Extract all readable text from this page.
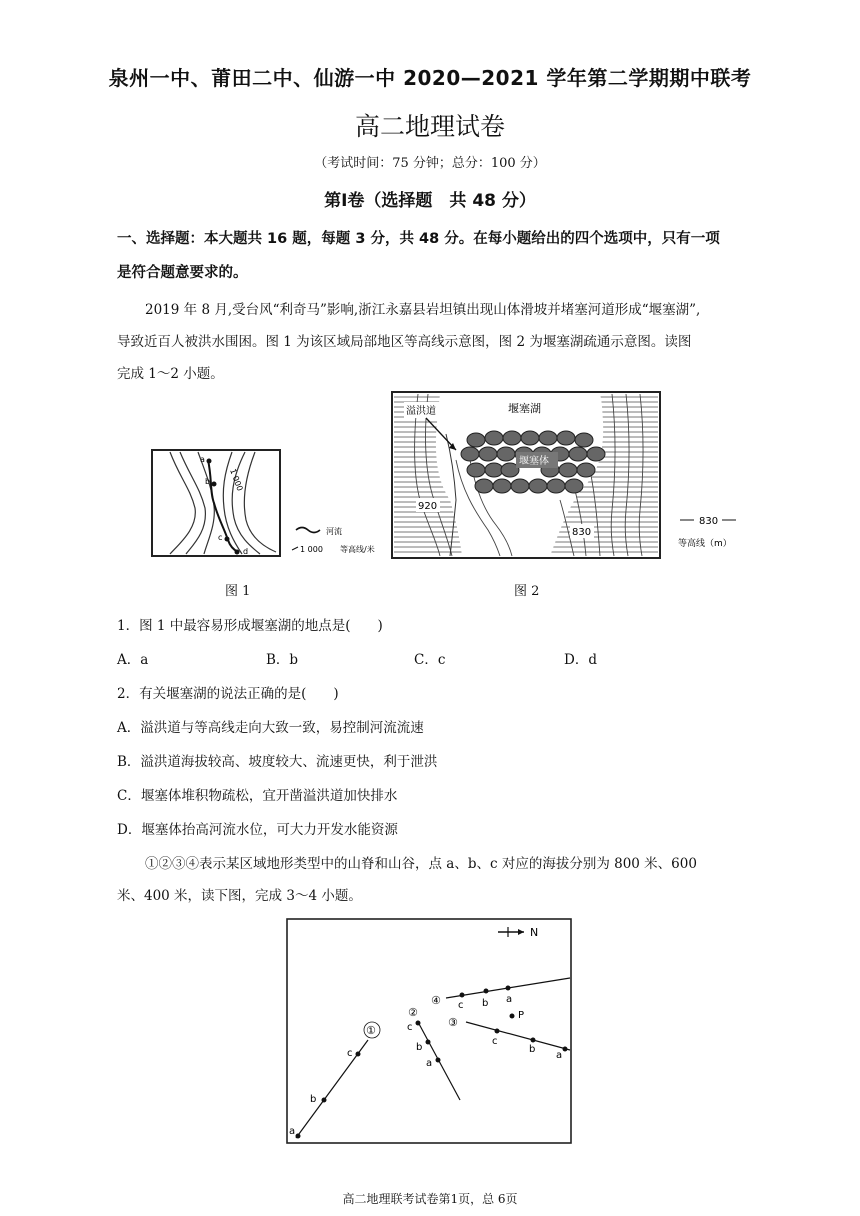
泉州一中、莆田二中、仙游一中 2020—2021 学年第二学期期中联考
高二地理试卷
（考试时间：75 分钟；总分：100 分）
第Ⅰ卷（选择题　共 48 分）
一、选择题：本大题共 16 题，每题 3 分，共 48 分。在每小题给出的四个选项中，只有一项
是符合题意要求的。
2019 年 8 月,受台风“利奇马”影响,浙江永嘉县岩坦镇出现山体滑坡并堵塞河道形成“堰塞湖”,
导致近百人被洪水围困。图 1 为该区域局部地区等高线示意图，图 2 为堰塞湖疏通示意图。读图
完成 1～2 小题。
a
b
c
d
1 000
河流
1 000 等高线/米
图 1
堰塞体
堰塞湖
溢洪道
920
830
830
等高线（m）
图 2
1．图 1 中最容易形成堰塞湖的地点是(　　)
A．a	B．b	C．c	D．d
2．有关堰塞湖的说法正确的是(　　)
A．溢洪道与等高线走向大致一致，易控制河流流速
B．溢洪道海拔较高、坡度较大、流速更快，利于泄洪
C．堰塞体堆积物疏松，宜开凿溢洪道加快排水
D．堰塞体抬高河流水位，可大力开发水能资源
①②③④表示某区域地形类型中的山脊和山谷，点 a、b、c 对应的海拔分别为 800 米、600
米、400 米，读下图，完成 3～4 小题。
N
a
b
c
①	c
b
a
②
c
b
a
③
P
c b a
④
高二地理联考试卷第1页，总 6页
